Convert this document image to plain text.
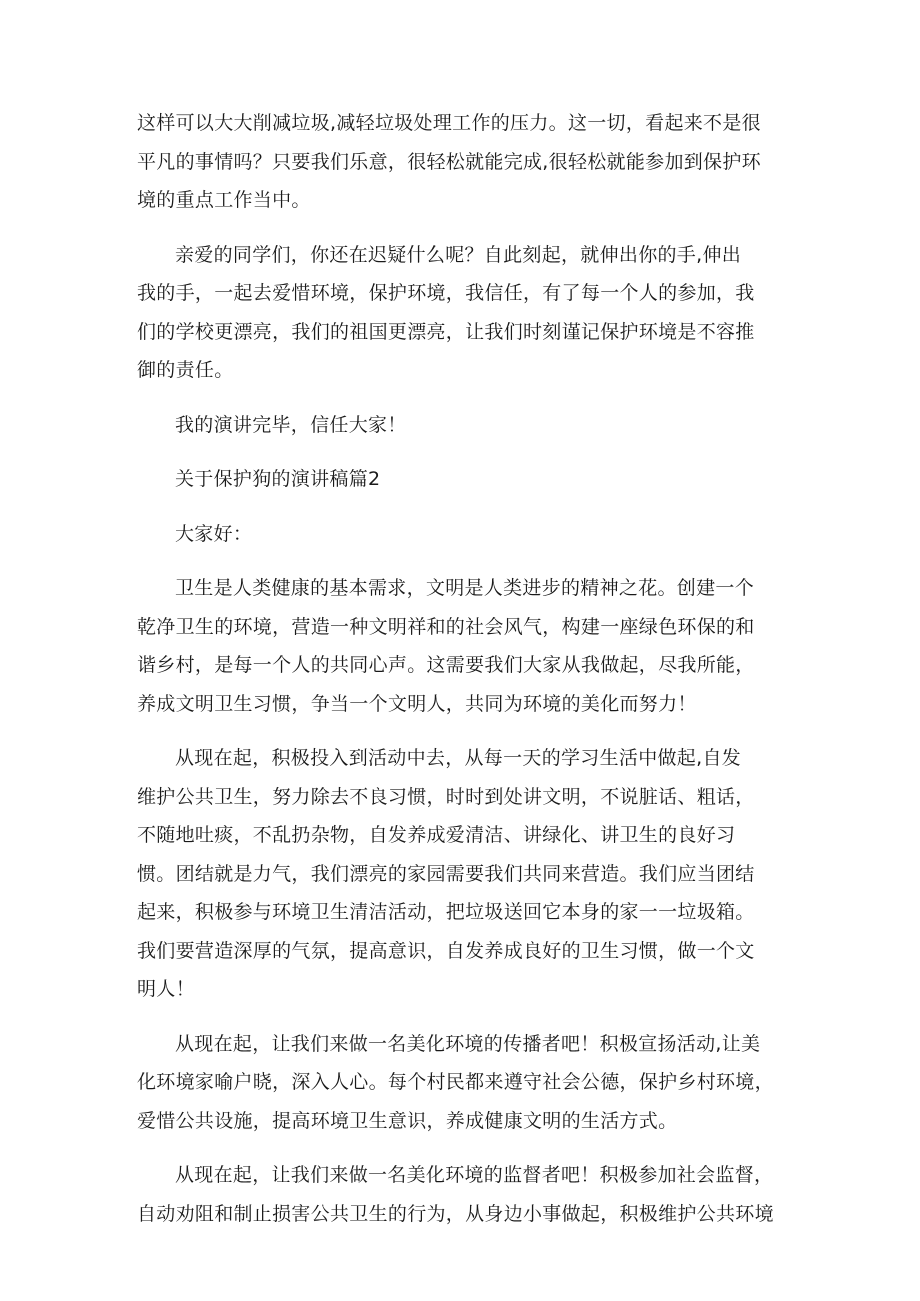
这样可以大大削减垃圾,减轻垃圾处理工作的压力。这一切，看起来不是很
平凡的事情吗？只要我们乐意，很轻松就能完成,很轻松就能参加到保护环
境的重点工作当中。

亲爱的同学们，你还在迟疑什么呢？自此刻起，就伸出你的手,伸出
我的手，一起去爱惜环境，保护环境，我信任，有了每一个人的参加，我
们的学校更漂亮，我们的祖国更漂亮，让我们时刻谨记保护环境是不容推
御的责任。

我的演讲完毕，信任大家！

关于保护狗的演讲稿篇2

大家好：

卫生是人类健康的基本需求，文明是人类进步的精神之花。创建一个
乾净卫生的环境，营造一种文明祥和的社会风气，构建一座绿色环保的和
谐乡村，是每一个人的共同心声。这需要我们大家从我做起，尽我所能，
养成文明卫生习惯，争当一个文明人，共同为环境的美化而努力！

从现在起，积极投入到活动中去，从每一天的学习生活中做起,自发
维护公共卫生，努力除去不良习惯，时时到处讲文明，不说脏话、粗话，
不随地吐痰，不乱扔杂物，自发养成爱清洁、讲绿化、讲卫生的良好习
惯。团结就是力气，我们漂亮的家园需要我们共同来营造。我们应当团结
起来，积极参与环境卫生清洁活动，把垃圾送回它本身的家一一垃圾箱。
我们要营造深厚的气氛，提高意识，自发养成良好的卫生习惯，做一个文
明人！

从现在起，让我们来做一名美化环境的传播者吧！积极宣扬活动,让美
化环境家喻户晓，深入人心。每个村民都来遵守社会公德，保护乡村环境，
爱惜公共设施，提高环境卫生意识，养成健康文明的生活方式。

从现在起，让我们来做一名美化环境的监督者吧！积极参加社会监督，
自动劝阻和制止损害公共卫生的行为，从身边小事做起，积极维护公共环境
